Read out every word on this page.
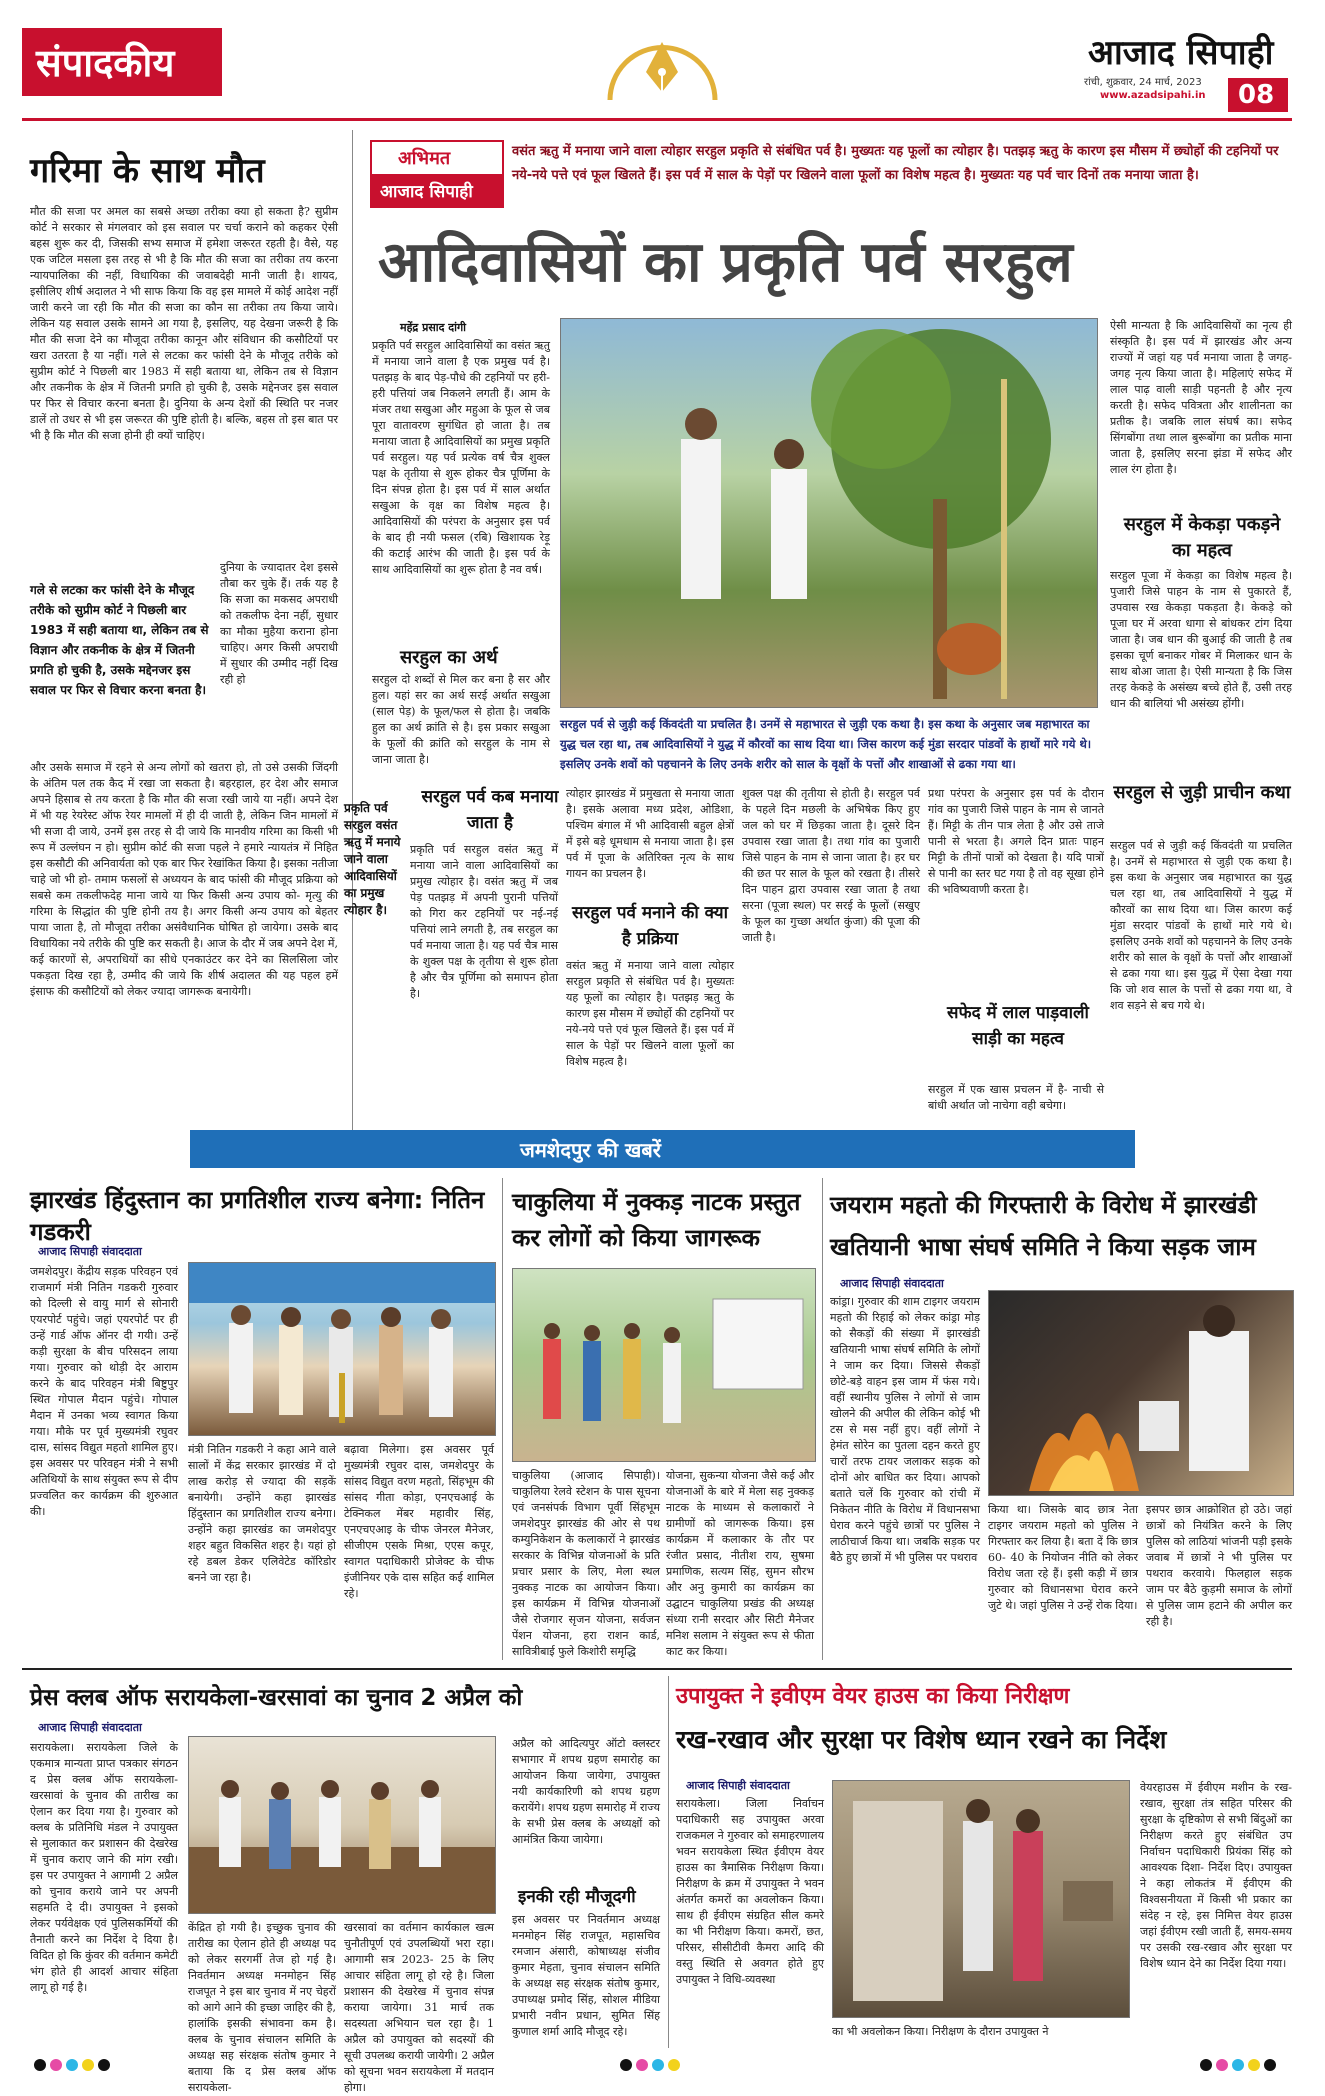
संपादकीय	आजाद सिपाही
रांची, शुक्रवार, 24 मार्च, 2023
www.azadsipahi.in 08
गरिमा के साथ मौत
मौत की सजा पर अमल का सबसे अच्छा तरीका क्या हो सकता है? सुप्रीम कोर्ट ने सरकार से मंगलवार को इस सवाल पर चर्चा कराने को कहकर ऐसी बहस शुरू कर दी, जिसकी सभ्य समाज में हमेशा जरूरत रहती है। वैसे, यह एक जटिल मसला इस तरह से भी है कि मौत की सजा का तरीका तय करना न्यायपालिका की नहीं, विधायिका की जवाबदेही मानी जाती है। शायद, इसीलिए शीर्ष अदालत ने भी साफ किया कि वह इस मामले में कोई आदेश नहीं जारी करने जा रही कि मौत की सजा का कौन सा तरीका तय किया जाये। लेकिन यह सवाल उसके सामने आ गया है, इसलिए, यह देखना जरूरी है कि मौत की सजा देने का मौजूदा तरीका कानून और संविधान की कसौटियों पर खरा उतरता है या नहीं। गले से लटका कर फांसी देने के मौजूद तरीके को सुप्रीम कोर्ट ने पिछली बार 1983 में सही बताया था, लेकिन तब से विज्ञान और तकनीक के क्षेत्र में जितनी प्रगति हो चुकी है, उसके मद्देनजर इस सवाल पर फिर से विचार करना बनता है। दुनिया के अन्य देशों की स्थिति पर नजर डालें तो उधर से भी इस जरूरत की पुष्टि होती है। बल्कि, बहस तो इस बात पर भी है कि मौत की सजा होनी ही क्यों चाहिए।
गले से लटका कर फांसी देने के मौजूद तरीके को सुप्रीम कोर्ट ने पिछली बार 1983 में सही बताया था, लेकिन तब से विज्ञान और तकनीक के क्षेत्र में जितनी प्रगति हो चुकी है, उसके मद्देनजर इस सवाल पर फिर से विचार करना बनता है।
दुनिया के ज्यादातर देश इससे तौबा कर चुके हैं। तर्क यह है कि सजा का मकसद अपराधी को तकलीफ देना नहीं, सुधार का मौका मुहैया कराना होना चाहिए। अगर किसी अपराधी में सुधार की उम्मीद नहीं दिख रही हो
और उसके समाज में रहने से अन्य लोगों को खतरा हो, तो उसे उसकी जिंदगी के अंतिम पल तक कैद में रखा जा सकता है। बहरहाल, हर देश और समाज अपने हिसाब से तय करता है कि मौत की सजा रखी जाये या नहीं। अपने देश में भी यह रेयरेस्ट ऑफ रेयर मामलों में ही दी जाती है, लेकिन जिन मामलों में भी सजा दी जाये, उनमें इस तरह से दी जाये कि मानवीय गरिमा का किसी भी रूप में उल्लंघन न हो। सुप्रीम कोर्ट की सजा पहले ने हमारे न्यायतंत्र में निहित इस कसौटी की अनिवार्यता को एक बार फिर रेखांकित किया है। इसका नतीजा चाहे जो भी हो- तमाम फसलों से अध्ययन के बाद फांसी की मौजूद प्रक्रिया को सबसे कम तकलीफदेह माना जाये या फिर किसी अन्य उपाय को- मृत्यु की गरिमा के सिद्धांत की पुष्टि होनी तय है। अगर किसी अन्य उपाय को बेहतर पाया जाता है, तो मौजूदा तरीका असंवैधानिक घोषित हो जायेगा। उसके बाद विधायिका नये तरीके की पुष्टि कर सकती है। आज के दौर में जब अपने देश में, कई कारणों से, अपराधियों का सीधे एनकाउंटर कर देने का सिलसिला जोर पकड़ता दिख रहा है, उम्मीद की जाये कि शीर्ष अदालत की यह पहल हमें इंसाफ की कसौटियों को लेकर ज्यादा जागरूक बनायेगी।
अभिमत
आजाद सिपाही
वसंत ऋतु में मनाया जाने वाला त्योहार सरहुल प्रकृति से संबंधित पर्व है। मुख्यतः यह फूलों का त्योहार है। पतझड़ ऋतु के कारण इस मौसम में छ्योर्हो की टहनियों पर नये-नये पत्ते एवं फूल खिलते हैं। इस पर्व में साल के पेड़ों पर खिलने वाला फूलों का विशेष महत्व है। मुख्यतः यह पर्व चार दिनों तक मनाया जाता है।
आदिवासियों का प्रकृति पर्व सरहुल
महेंद्र प्रसाद दांगी
प्रकृति पर्व सरहुल आदिवासियों का वसंत ऋतु में मनाया जाने वाला है एक प्रमुख पर्व है। पतझड़ के बाद पेड़-पौधे की टहनियों पर हरी-हरी पत्तियां जब निकलने लगती हैं। आम के मंजर तथा सखुआ और महुआ के फूल से जब पूरा वातावरण सुगंधित हो जाता है। तब मनाया जाता है आदिवासियों का प्रमुख प्रकृति पर्व सरहुल। यह पर्व प्रत्येक वर्ष चैत्र शुक्ल पक्ष के तृतीया से शुरू होकर चैत्र पूर्णिमा के दिन संपन्न होता है। इस पर्व में साल अर्थात सखुआ के वृक्ष का विशेष महत्व है। आदिवासियों की परंपरा के अनुसार इस पर्व के बाद ही नयी फसल (रबि) खिशायक रेड़ू की कटाई आरंभ की जाती है। इस पर्व के साथ आदिवासियों का शुरू होता है नव वर्ष।
सरहुल का अर्थ
सरहुल दो शब्दों से मिल कर बना है सर और हुल। यहां सर का अर्थ सरई अर्थात सखुआ (साल पेड़) के फूल/फल से होता है। जबकि हुल का अर्थ क्रांति से है। इस प्रकार सखुआ के फूलों की क्रांति को सरहुल के नाम से जाना जाता है।
सरहुल पर्व कब मनाया जाता है
प्रकृति पर्व सरहुल वसंत ऋतु में मनाये जाने वाला आदिवासियों का प्रमुख त्योहार है।
प्रकृति पर्व सरहुल वसंत ऋतु में मनाया जाने वाला आदिवासियों का प्रमुख त्योहार है। वसंत ऋतु में जब पेड़ पतझड़ में अपनी पुरानी पत्तियों को गिरा कर टहनियों पर नई-नई पत्तियां लाने लगती है, तब सरहुल का पर्व मनाया जाता है। यह पर्व चैत्र मास के शुक्ल पक्ष के तृतीया से शुरू होता है और चैत्र पूर्णिमा को समापन होता है।
सरहुल पर्व से जुड़ी कई किंवदंती या प्रचलित है। उनमें से महाभारत से जुड़ी एक कथा है। इस कथा के अनुसार जब महाभारत का युद्ध चल रहा था, तब आदिवासियों ने युद्ध में कौरवों का साथ दिया था। जिस कारण कई मुंडा सरदार पांडवों के हाथों मारे गये थे। इसलिए उनके शवों को पहचानने के लिए उनके शरीर को साल के वृक्षों के पत्तों और शाखाओं से ढका गया था।
ऐसी मान्यता है कि आदिवासियों का नृत्य ही संस्कृति है। इस पर्व में झारखंड और अन्य राज्यों में जहां यह पर्व मनाया जाता है जगह-जगह नृत्य किया जाता है। महिलाएं सफेद में लाल पाढ़ वाली साड़ी पहनती है और नृत्य करती है। सफेद पवित्रता और शालीनता का प्रतीक है। जबकि लाल संघर्ष का। सफेद सिंगबोंगा तथा लाल बुरूबोंगा का प्रतीक माना जाता है, इसलिए सरना झंडा में सफेद और लाल रंग होता है।
सरहुल में केकड़ा पकड़ने का महत्व
सरहुल पूजा में केकड़ा का विशेष महत्व है। पुजारी जिसे पाहन के नाम से पुकारते हैं, उपवास रख केकड़ा पकड़ता है। केकड़े को पूजा घर में अरवा धागा से बांधकर टांग दिया जाता है। जब धान की बुआई की जाती है तब इसका चूर्ण बनाकर गोबर में मिलाकर धान के साथ बोआ जाता है। ऐसी मान्यता है कि जिस तरह केकड़े के असंख्य बच्चे होते हैं, उसी तरह धान की बालियां भी असंख्य होंगी।
सरहुल से जुड़ी प्राचीन कथा
सरहुल पर्व से जुड़ी कई किंवदंती या प्रचलित है। उनमें से महाभारत से जुड़ी एक कथा है। इस कथा के अनुसार जब महाभारत का युद्ध चल रहा था, तब आदिवासियों ने युद्ध में कौरवों का साथ दिया था। जिस कारण कई मुंडा सरदार पांडवों के हाथों मारे गये थे। इसलिए उनके शवों को पहचानने के लिए उनके शरीर को साल के वृक्षों के पत्तों और शाखाओं से ढका गया था। इस युद्ध में ऐसा देखा गया कि जो शव साल के पत्तों से ढका गया था, वे शव सड़ने से बच गये थे।
त्योहार झारखंड में प्रमुखता से मनाया जाता है। इसके अलावा मध्य प्रदेश, ओडिशा, पश्चिम बंगाल में भी आदिवासी बहुल क्षेत्रों में इसे बड़े धूमधाम से मनाया जाता है। इस पर्व में पूजा के अतिरिक्त नृत्य के साथ गायन का प्रचलन है।
सरहुल पर्व मनाने की क्या है प्रक्रिया
वसंत ऋतु में मनाया जाने वाला त्योहार सरहुल प्रकृति से संबंधित पर्व है। मुख्यतः यह फूलों का त्योहार है। पतझड़ ऋतु के कारण इस मौसम में छ्योर्हो की टहनियों पर नये-नये पत्ते एवं फूल खिलते हैं। इस पर्व में साल के पेड़ों पर खिलने वाला फूलों का विशेष महत्व है।
शुक्ल पक्ष की तृतीया से होती है। सरहुल पर्व के पहले दिन मछली के अभिषेक किए हुए जल को घर में छिड़का जाता है। दूसरे दिन उपवास रखा जाता है। तथा गांव का पुजारी जिसे पाहन के नाम से जाना जाता है। हर घर की छत पर साल के फूल को रखता है। तीसरे दिन पाहन द्वारा उपवास रखा जाता है तथा सरना (पूजा स्थल) पर सरई के फूलों (सखुए के फूल का गुच्छा अर्थात कुंजा) की पूजा की जाती है।
प्रथा परंपरा के अनुसार इस पर्व के दौरान गांव का पुजारी जिसे पाहन के नाम से जानते हैं। मिट्टी के तीन पात्र लेता है और उसे ताजे पानी से भरता है। अगले दिन प्रातः पाहन मिट्टी के तीनों पात्रों को देखता है। यदि पात्रों से पानी का स्तर घट गया है तो वह सूखा होने की भविष्यवाणी करता है।
सफेद में लाल पाड़वाली साड़ी का महत्व
सरहुल में एक खास प्रचलन में है- नाची से बांधी अर्थात जो नाचेगा वही बचेगा।
जमशेदपुर की खबरें
झारखंड हिंदुस्तान का प्रगतिशील राज्य बनेगा: नितिन गडकरी
आजाद सिपाही संवाददाता
जमशेदपुर। केंद्रीय सड़क परिवहन एवं राजमार्ग मंत्री नितिन गडकरी गुरुवार को दिल्ली से वायु मार्ग से सोनारी एयरपोर्ट पहुंचे। जहां एयरपोर्ट पर ही उन्हें गार्ड ऑफ ऑनर दी गयी। उन्हें कड़ी सुरक्षा के बीच परिसदन लाया गया। गुरुवार को थोड़ी देर आराम करने के बाद परिवहन मंत्री बिष्टुपुर स्थित गोपाल मैदान पहुंचे। गोपाल मैदान में उनका भव्य स्वागत किया गया। मौके पर पूर्व मुख्यमंत्री रघुवर दास, सांसद विद्युत महतो शामिल हुए। इस अवसर पर परिवहन मंत्री ने सभी अतिथियों के साथ संयुक्त रूप से दीप प्रज्वलित कर कार्यक्रम की शुरुआत की।
मंत्री नितिन गडकरी ने कहा आने वाले सालों में केंद्र सरकार झारखंड में दो लाख करोड़ से ज्यादा की सड़कें बनायेगी। उन्होंने कहा झारखंड हिंदुस्तान का प्रगतिशील राज्य बनेगा। उन्होंने कहा झारखंड का जमशेदपुर शहर बहुत विकसित शहर है। यहां हो रहे डबल डेकर एलिवेटेड कॉरिडोर बनने जा रहा है।
बढ़ावा मिलेगा। इस अवसर पूर्व मुख्यमंत्री रघुवर दास, जमशेदपुर के सांसद विद्युत वरण महतो, सिंहभूम की सांसद गीता कोड़ा, एनएचआई के टेक्निकल मेंबर महावीर सिंह, एनएचएआइ के चीफ जेनरल मैनेजर, सीजीएम एसके मिश्रा, एएस कपूर, स्वागत पदाधिकारी प्रोजेक्ट के चीफ इंजीनियर एके दास सहित कई शामिल रहे।
चाकुलिया में नुक्कड़ नाटक प्रस्तुत कर लोगों को किया जागरूक
चाकुलिया (आजाद सिपाही)। चाकुलिया रेलवे स्टेशन के पास सूचना एवं जनसंपर्क विभाग पूर्वी सिंहभूम जमशेदपुर झारखंड की ओर से पथ कम्युनिकेशन के कलाकारों ने झारखंड सरकार के विभिन्न योजनाओं के प्रति प्रचार प्रसार के लिए, मेला स्थल नुक्कड़ नाटक का आयोजन किया। इस कार्यक्रम में विभिन्न योजनाओं जैसे रोजगार सृजन योजना, सर्वजन पेंशन योजना, हरा राशन कार्ड, सावित्रीबाई फुले किशोरी समृद्धि
योजना, सुकन्या योजना जैसे कई और योजनाओं के बारे में मेला सह नुक्कड़ नाटक के माध्यम से कलाकारों ने ग्रामीणों को जागरूक किया। इस कार्यक्रम में कलाकार के तौर पर रंजीत प्रसाद, नीतीश राय, सुषमा प्रमाणिक, सत्यम सिंह, सुमन सौरभ और अनु कुमारी का कार्यक्रम का उद्घाटन चाकुलिया प्रखंड की अध्यक्ष संध्या रानी सरदार और सिटी मैनेजर मनिश सलाम ने संयुक्त रूप से फीता काट कर किया।
जयराम महतो की गिरफ्तारी के विरोध में झारखंडी खतियानी भाषा संघर्ष समिति ने किया सड़क जाम
आजाद सिपाही संवाददाता
कांड्रा। गुरुवार की शाम टाइगर जयराम महतो की रिहाई को लेकर कांड्रा मोड़ को सैकड़ों की संख्या में झारखंडी खतियानी भाषा संघर्ष समिति के लोगों ने जाम कर दिया। जिससे सैकड़ों छोटे-बड़े वाहन इस जाम में फंस गये। वहीं स्थानीय पुलिस ने लोगों से जाम खोलने की अपील की लेकिन कोई भी टस से मस नहीं हुए। वहीं लोगों ने हेमंत सोरेन का पुतला दहन करते हुए चारों तरफ टायर जलाकर सड़क को दोनों ओर बाधित कर दिया। आपको बताते चलें कि गुरुवार को रांची में निकेतन नीति के विरोध में विधानसभा घेराव करने पहुंचे छात्रों पर पुलिस ने लाठीचार्ज किया था। जबकि सड़क पर बैठे हुए छात्रों में भी पुलिस पर पथराव
किया था। जिसके बाद छात्र नेता टाइगर जयराम महतो को पुलिस ने गिरफ्तार कर लिया है। बता दें कि छात्र 60- 40 के नियोजन नीति को लेकर विरोध जता रहे हैं। इसी कड़ी में छात्र गुरुवार को विधानसभा घेराव करने जुटे थे। जहां पुलिस ने उन्हें रोक दिया।
इसपर छात्र आक्रोशित हो उठे। जहां छात्रों को नियंत्रित करने के लिए पुलिस को लाठियां भांजनी पड़ी इसके जवाब में छात्रों ने भी पुलिस पर पथराव करवाये। फिलहाल सड़क जाम पर बैठे कुड़मी समाज के लोगों से पुलिस जाम हटाने की अपील कर रही है।
प्रेस क्लब ऑफ सरायकेला-खरसावां का चुनाव 2 अप्रैल को
आजाद सिपाही संवाददाता
सरायकेला। सरायकेला जिले के एकमात्र मान्यता प्राप्त पत्रकार संगठन द प्रेस क्लब ऑफ सरायकेला-खरसावां के चुनाव की तारीख का ऐलान कर दिया गया है। गुरुवार को क्लब के प्रतिनिधि मंडल ने उपायुक्त से मुलाकात कर प्रशासन की देखरेख में चुनाव कराए जाने की मांग रखी। इस पर उपायुक्त ने आगामी 2 अप्रैल को चुनाव कराये जाने पर अपनी सहमति दे दी। उपायुक्त ने इसको लेकर पर्यवेक्षक एवं पुलिसकर्मियों की तैनाती करने का निर्देश दे दिया है। विदित हो कि कुंवर की वर्तमान कमेटी भंग होते ही आदर्श आचार संहिता लागू हो गई है।
केंद्रित हो गयी है। इच्छुक चुनाव की तारीख का ऐलान होते ही अध्यक्ष पद को लेकर सरगर्मी तेज हो गई है। निवर्तमान अध्यक्ष मनमोहन सिंह राजपूत ने इस बार चुनाव में नए चेहरों को आगे आने की इच्छा जाहिर की है, हालांकि इसकी संभावना कम है। क्लब के चुनाव संचालन समिति के अध्यक्ष सह संरक्षक संतोष कुमार ने बताया कि द प्रेस क्लब ऑफ सरायकेला-
खरसावां का वर्तमान कार्यकाल खत्म चुनौतीपूर्ण एवं उपलब्धियों भरा रहा। आगामी सत्र 2023- 25 के लिए आचार संहिता लागू हो रहे है। जिला प्रशासन की देखरेख में चुनाव संपन्न कराया जायेगा। 31 मार्च तक सदस्यता अभियान चल रहा है। 1 अप्रैल को उपायुक्त को सदस्यों की सूची उपलब्ध करायी जायेगी। 2 अप्रैल को सूचना भवन सरायकेला में मतदान होगा।
अप्रैल को आदित्यपुर ऑटो क्लस्टर सभागार में शपथ ग्रहण समारोह का आयोजन किया जायेगा, उपायुक्त नयी कार्यकारिणी को शपथ ग्रहण करायेंगे। शपथ ग्रहण समारोह में राज्य के सभी प्रेस क्लब के अध्यक्षों को आमंत्रित किया जायेगा।
इनकी रही मौजूदगी
इस अवसर पर निवर्तमान अध्यक्ष मनमोहन सिंह राजपूत, महासचिव रमजान अंसारी, कोषाध्यक्ष संजीव कुमार मेहता, चुनाव संचालन समिति के अध्यक्ष सह संरक्षक संतोष कुमार, उपाध्यक्ष प्रमोद सिंह, सोशल मीडिया प्रभारी नवीन प्रधान, सुमित सिंह कुणाल शर्मा आदि मौजूद रहे।
उपायुक्त ने इवीएम वेयर हाउस का किया निरीक्षण
रख-रखाव और सुरक्षा पर विशेष ध्यान रखने का निर्देश
आजाद सिपाही संवाददाता
सरायकेला। जिला निर्वाचन पदाधिकारी सह उपायुक्त अरवा राजकमल ने गुरुवार को समाहरणालय भवन सरायकेला स्थित ईवीएम वेयर हाउस का त्रैमासिक निरीक्षण किया। निरीक्षण के क्रम में उपायुक्त ने भवन अंतर्गत कमरों का अवलोकन किया। साथ ही ईवीएम संग्रहित सील कमरे का भी निरीक्षण किया। कमरों, छत, परिसर, सीसीटीवी कैमरा आदि की वस्तु स्थिति से अवगत होते हुए उपायुक्त ने विधि-व्यवस्था
का भी अवलोकन किया। निरीक्षण के दौरान उपायुक्त ने
वेयरहाउस में ईवीएम मशीन के रख-रखाव, सुरक्षा तंत्र सहित परिसर की सुरक्षा के दृष्टिकोण से सभी बिंदुओं का निरीक्षण करते हुए संबंधित उप निर्वाचन पदाधिकारी प्रियंका सिंह को आवश्यक दिशा- निर्देश दिए। उपायुक्त ने कहा लोकतंत्र में ईवीएम की विश्वसनीयता में किसी भी प्रकार का संदेह न रहे, इस निमित्त वेयर हाउस जहां ईवीएम रखी जाती हैं, समय-समय पर उसकी रख-रखाव और सुरक्षा पर विशेष ध्यान देने का निर्देश दिया गया।
